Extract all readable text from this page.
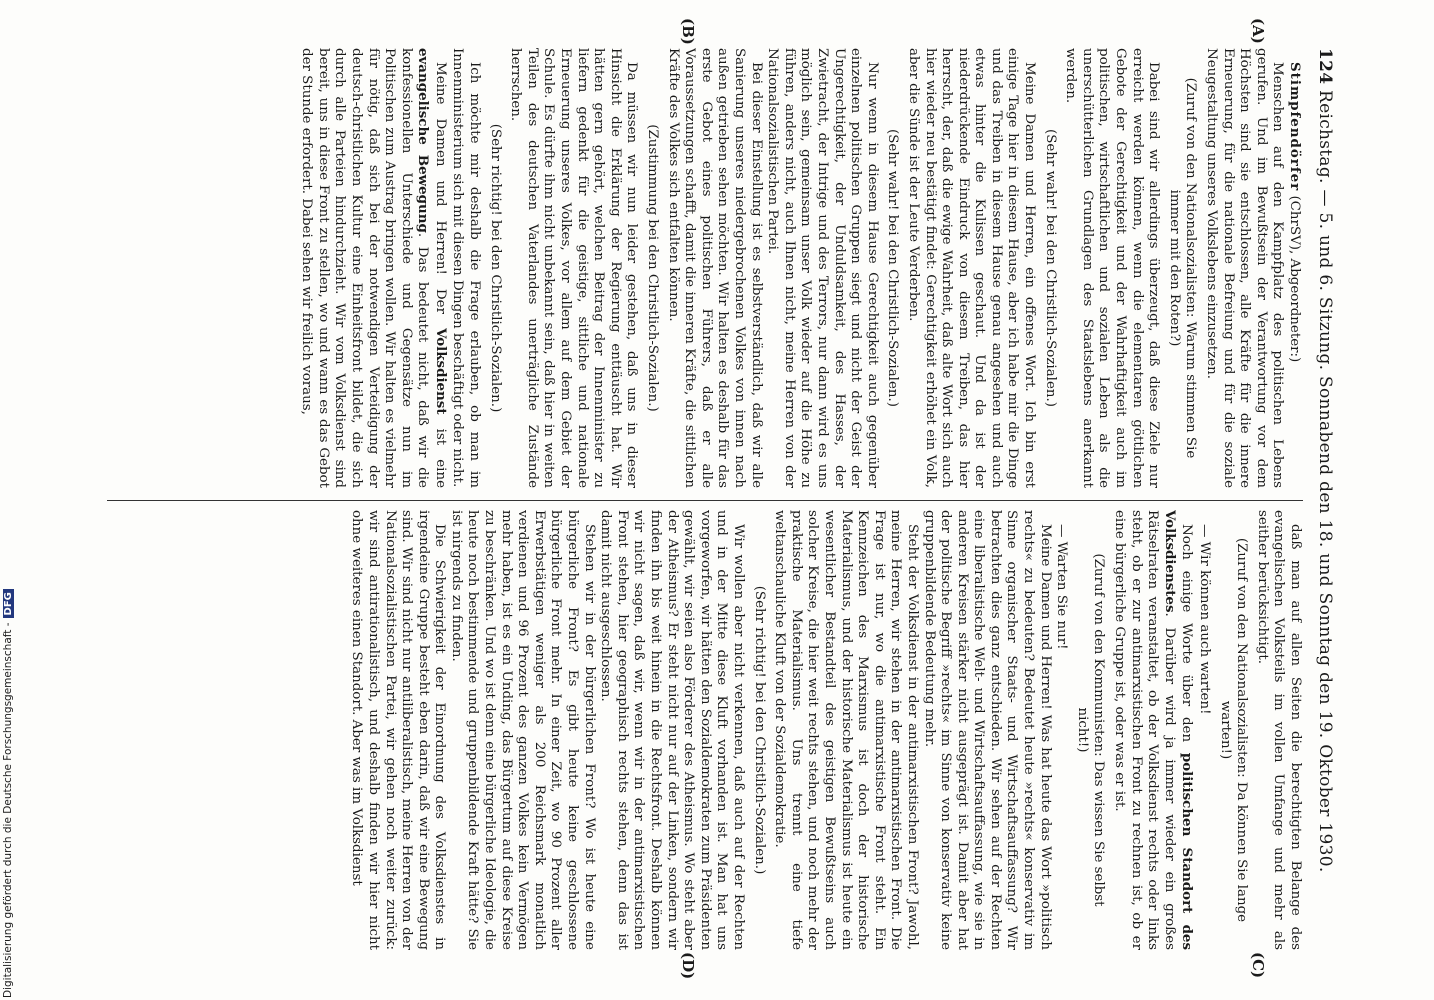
124
Reichstag. — 5. und 6. Sitzung. Sonnabend den 18. und Sonntag den 19. Oktober 1930.

Stimpfendörfer (ChrSV), Abgeordneter:)

Menschen auf den Kampfplatz des politischen Lebens gerufen. Und im Bewußtsein der Verantwortung vor dem Höchsten sind sie entschlossen, alle Kräfte für die innere Erneuerung, für die nationale Befreiung und für die soziale Neugestaltung unseres Volkslebens einzusetzen.

(Zuruf von den Nationalsozialisten: Warum stimmen Sie immer mit den Roten?)

Dabei sind wir allerdings überzeugt, daß diese Ziele nur erreicht werden können, wenn die elementaren göttlichen Gebote der Gerechtigkeit und der Wahrhaftigkeit auch im politischen, wirtschaftlichen und sozialen Leben als die unerschütterlichen Grundlagen des Staatslebens anerkannt werden.

(Sehr wahr! bei den Christlich-Sozialen.)

Meine Damen und Herren, ein offenes Wort. Ich bin erst einige Tage hier in diesem Hause, aber ich habe mir die Dinge und das Treiben in diesem Hause genau angesehen und auch etwas hinter die Kulissen geschaut. Und da ist der niederdrückende Eindruck von diesem Treiben, das hier herrscht, der, daß die ewige Wahrheit, daß alte Wort sich auch hier wieder neu bestätigt findet: Gerechtigkeit erhöhet ein Volk, aber die Sünde ist der Leute Verderben.

(Sehr wahr! bei den Christlich-Sozialen.)

Nur wenn in diesem Hause Gerechtigkeit auch gegenüber einzelnen politischen Gruppen siegt und nicht der Geist der Ungerechtigkeit, der Unduldsamkeit, des Hasses, der Zwietracht, der Intrige und des Terrors, nur dann wird es uns möglich sein, gemeinsam unser Volk wieder auf die Höhe zu führen, anders nicht, auch Ihnen nicht, meine Herren von der Nationalsozialistischen Partei.

Bei dieser Einstellung ist es selbstverständlich, daß wir alle Sanierung unseres niedergebrochenen Volkes von innen nach außen getrieben sehen möchten. Wir halten es deshalb für das erste Gebot eines politischen Führers, daß er alle Voraussetzungen schafft, damit die inneren Kräfte, die sittlichen Kräfte des Volkes sich entfalten können.

(Zustimmung bei den Christlich-Sozialen.)

Da müssen wir nun leider gestehen, daß uns in dieser Hinsicht die Erklärung der Regierung enttäuscht hat. Wir hätten gern gehört, welchen Beitrag der Innenminister zu liefern gedenkt für die geistige, sittliche und nationale Erneuerung unseres Volkes, vor allem auf dem Gebiet der Schule. Es dürfte ihm nicht unbekannt sein, daß hier in weiten Teilen des deutschen Vaterlandes unerträgliche Zustände herrschen.

(Sehr richtig! bei den Christlich-Sozialen.)

Ich möchte mir deshalb die Frage erlauben, ob man im Innenministerium sich mit diesen Dingen beschäftigt oder nicht.

Meine Damen und Herren! Der Volksdienst ist eine evangelische Bewegung. Das bedeutet nicht, daß wir die konfessionellen Unterschiede und Gegensätze nun im Politischen zum Austrag bringen wollen. Wir halten es vielmehr für nötig, daß sich bei der notwendigen Verteidigung der deutsch-christlichen Kultur eine Einheitsfront bildet, die sich durch alle Parteien hindurchzieht. Wir vom Volksdienst sind bereit, uns in diese Front zu stellen, wo und wann es das Gebot der Stunde erfordert. Dabei sehen wir freilich voraus,

daß man auf allen Seiten die berechtigten Belange des evangelischen Volksteils im vollen Umfange und mehr als seither berücksichtigt.

(Zuruf von den Nationalsozialisten: Da können Sie lange warten!)

— Wir können auch warten!

Noch einige Worte über den politischen Standort des Volksdienstes. Darüber wird ja immer wieder ein großes Rätselraten veranstaltet, ob der Volksdienst rechts oder links steht, ob er zur antimarxistischen Front zu rechnen ist, ob er eine bürgerliche Gruppe ist, oder was er ist.

(Zuruf von den Kommunisten: Das wissen Sie selbst nicht!)

— Warten Sie nur!

Meine Damen und Herren! Was hat heute das Wort »politisch rechts« zu bedeuten? Bedeutet heute »rechts« konservativ im Sinne organischer Staats- und Wirtschaftsauffassung? Wir betrachten dies ganz entschieden. Wir sehen auf der Rechten eine liberalistische Welt- und Wirtschaftsauffassung, wie sie in anderen Kreisen stärker nicht ausgeprägt ist. Damit aber hat der politische Begriff »rechts« im Sinne von konservativ keine gruppenbildende Bedeutung mehr.

Steht der Volksdienst in der antimarxistischen Front? Jawohl, meine Herren, wir stehen in der antimarxistischen Front. Die Frage ist nur, wo die antimarxistische Front steht. Ein Kennzeichen des Marxismus ist doch der historische Materialismus, und der historische Materialismus ist heute ein wesentlicher Bestandteil des geistigen Bewußtseins auch solcher Kreise, die hier weit rechts stehen, und noch mehr der praktische Materialismus. Uns trennt eine tiefe weltanschauliche Kluft von der Sozialdemokratie.

(Sehr richtig! bei den Christlich-Sozialen.)

Wir wollen aber nicht verkennen, daß auch auf der Rechten und in der Mitte diese Kluft vorhanden ist. Man hat uns vorgeworfen, wir hätten den Sozialdemokraten zum Präsidenten gewählt, wir seien also Förderer des Atheismus. Wo steht aber der Atheismus? Er steht nicht nur auf der Linken, sondern wir finden ihn bis weit hinein in die Rechtsfront. Deshalb können wir nicht sagen, daß wir, wenn wir in der antimarxistischen Front stehen, hier geographisch rechts stehen, denn das ist damit nicht ausgeschlossen.

Stehen wir in der bürgerlichen Front? Wo ist heute eine bürgerliche Front? Es gibt heute keine geschlossene bürgerliche Front mehr. In einer Zeit, wo 90 Prozent aller Erwerbstätigen weniger als 200 Reichsmark monatlich verdienen und 96 Prozent des ganzen Volkes kein Vermögen mehr haben, ist es ein Unding, das Bürgertum auf diese Kreise zu beschränken. Und wo ist denn eine bürgerliche Ideologie, die heute noch bestimmende und gruppenbildende Kraft hätte? Sie ist nirgends zu finden.

Die Schwierigkeit der Einordnung des Volksdienstes in irgendeine Gruppe besteht eben darin, daß wir eine Bewegung sind. Wir sind nicht nur antiliberalistisch, meine Herren von der Nationalsozialistischen Partei, wir gehen noch weiter zurück: wir sind antirationalistisch, und deshalb finden wir hier nicht ohne weiteres einen Standort. Aber was im Volksdienst

(A)
(B)
(C)
(D)
Digitalisierung gefördert durch die Deutsche Forschungsgemeinschaft -DFG
